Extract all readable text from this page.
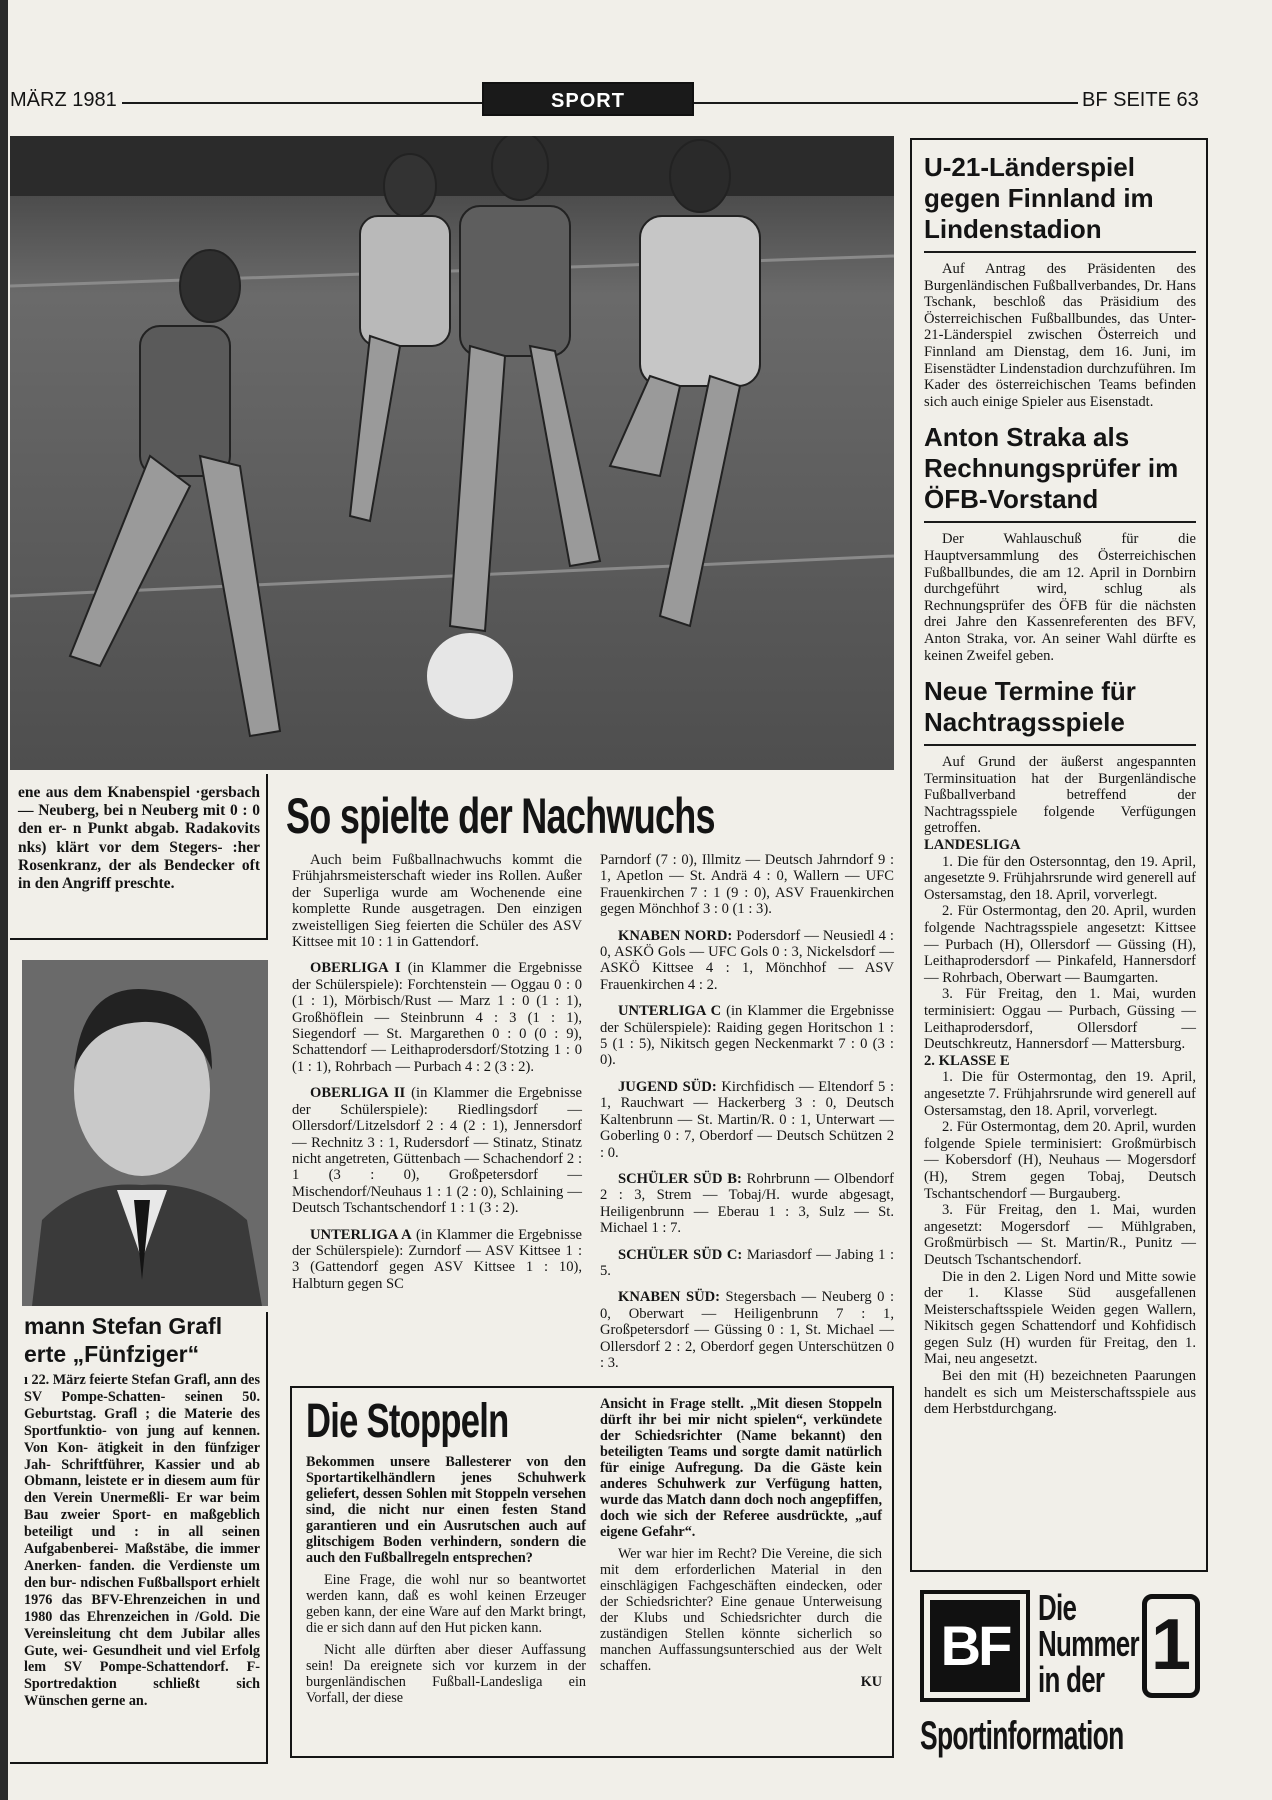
MÄRZ 1981	SPORT	BF SEITE 63

ene aus dem Knabenspiel ·gersbach — Neuberg, bei n Neuberg mit 0 : 0 den er- n Punkt abgab. Radakovits nks) klärt vor dem Stegers- :her Rosenkranz, der als Bendecker oft in den Angriff preschte.

mann Stefan Grafl
erte „Fünfziger“

ı 22. März feierte Stefan Grafl, ann des SV Pompe-Schatten- seinen 50. Geburtstag. Grafl ; die Materie des Sportfunktio- von jung auf kennen. Von Kon- ätigkeit in den fünfziger Jah- Schriftführer, Kassier und ab Obmann, leistete er in diesem aum für den Verein Unermeßli- Er war beim Bau zweier Sport- en maßgeblich beteiligt und : in all seinen Aufgabenberei- Maßstäbe, die immer Anerken- fanden. die Verdienste um den bur- ndischen Fußballsport erhielt 1976 das BFV-Ehrenzeichen in und 1980 das Ehrenzeichen in /Gold. Die Vereinsleitung cht dem Jubilar alles Gute, wei- Gesundheit und viel Erfolg lem SV Pompe-Schattendorf. F-Sportredaktion schließt sich Wünschen gerne an.

So spielte der Nachwuchs

Auch beim Fußballnachwuchs kommt die Frühjahrsmeisterschaft wieder ins Rollen. Außer der Superliga wurde am Wochenende eine komplette Runde ausgetragen. Den einzigen zweistelligen Sieg feierten die Schüler des ASV Kittsee mit 10 : 1 in Gattendorf.

OBERLIGA I (in Klammer die Ergebnisse der Schülerspiele): Forchtenstein — Oggau 0 : 0 (1 : 1), Mörbisch/Rust — Marz 1 : 0 (1 : 1), Großhöflein — Steinbrunn 4 : 3 (1 : 1), Siegendorf — St. Margarethen 0 : 0 (0 : 9), Schattendorf — Leithaprodersdorf/Stotzing 1 : 0 (1 : 1), Rohrbach — Purbach 4 : 2 (3 : 2).

OBERLIGA II (in Klammer die Ergebnisse der Schülerspiele): Riedlingsdorf — Ollersdorf/Litzelsdorf 2 : 4 (2 : 1), Jennersdorf — Rechnitz 3 : 1, Rudersdorf — Stinatz, Stinatz nicht angetreten, Güttenbach — Schachendorf 2 : 1 (3 : 0), Großpetersdorf — Mischendorf/Neuhaus 1 : 1 (2 : 0), Schlaining — Deutsch Tschantschendorf 1 : 1 (3 : 2).

UNTERLIGA A (in Klammer die Ergebnisse der Schülerspiele): Zurndorf — ASV Kittsee 1 : 3 (Gattendorf gegen ASV Kittsee 1 : 10), Halbturn gegen SC

Parndorf (7 : 0), Illmitz — Deutsch Jahrndorf 9 : 1, Apetlon — St. Andrä 4 : 0, Wallern — UFC Frauenkirchen 7 : 1 (9 : 0), ASV Frauenkirchen gegen Mönchhof 3 : 0 (1 : 3).

KNABEN NORD: Podersdorf — Neusiedl 4 : 0, ASKÖ Gols — UFC Gols 0 : 3, Nickelsdorf — ASKÖ Kittsee 4 : 1, Mönchhof — ASV Frauenkirchen 4 : 2.

UNTERLIGA C (in Klammer die Ergebnisse der Schülerspiele): Raiding gegen Horitschon 1 : 5 (1 : 5), Nikitsch gegen Neckenmarkt 7 : 0 (3 : 0).

JUGEND SÜD: Kirchfidisch — Eltendorf 5 : 1, Rauchwart — Hackerberg 3 : 0, Deutsch Kaltenbrunn — St. Martin/R. 0 : 1, Unterwart — Goberling 0 : 7, Oberdorf — Deutsch Schützen 2 : 0.

SCHÜLER SÜD B: Rohrbrunn — Olbendorf 2 : 3, Strem — Tobaj/H. wurde abgesagt, Heiligenbrunn — Eberau 1 : 3, Sulz — St. Michael 1 : 7.

SCHÜLER SÜD C: Mariasdorf — Jabing 1 : 5.

KNABEN SÜD: Stegersbach — Neuberg 0 : 0, Oberwart — Heiligenbrunn 7 : 1, Großpetersdorf — Güssing 0 : 1, St. Michael — Ollersdorf 2 : 2, Oberdorf gegen Unterschützen 0 : 3.

Die Stoppeln

Bekommen unsere Ballesterer von den Sportartikelhändlern jenes Schuhwerk geliefert, dessen Sohlen mit Stoppeln versehen sind, die nicht nur einen festen Stand garantieren und ein Ausrutschen auch auf glitschigem Boden verhindern, sondern die auch den Fußballregeln entsprechen?

Eine Frage, die wohl nur so beantwortet werden kann, daß es wohl keinen Erzeuger geben kann, der eine Ware auf den Markt bringt, die er sich dann auf den Hut picken kann.

Nicht alle dürften aber dieser Auffassung sein! Da ereignete sich vor kurzem in der burgenländischen Fußball-Landesliga ein Vorfall, der diese

Ansicht in Frage stellt. „Mit diesen Stoppeln dürft ihr bei mir nicht spielen“, verkündete der Schiedsrichter (Name bekannt) den beteiligten Teams und sorgte damit natürlich für einige Aufregung. Da die Gäste kein anderes Schuhwerk zur Verfügung hatten, wurde das Match dann doch noch angepfiffen, doch wie sich der Referee ausdrückte, „auf eigene Gefahr“.

Wer war hier im Recht? Die Vereine, die sich mit dem erforderlichen Material in den einschlägigen Fachgeschäften eindecken, oder der Schiedsrichter? Eine genaue Unterweisung der Klubs und Schiedsrichter durch die zuständigen Stellen könnte sicherlich so manchen Auffassungsunterschied aus der Welt schaffen.

KU
U-21-Länderspiel gegen Finnland im Lindenstadion

Auf Antrag des Präsidenten des Burgenländischen Fußballverbandes, Dr. Hans Tschank, beschloß das Präsidium des Österreichischen Fußballbundes, das Unter-21-Länderspiel zwischen Österreich und Finnland am Dienstag, dem 16. Juni, im Eisenstädter Lindenstadion durchzuführen. Im Kader des österreichischen Teams befinden sich auch einige Spieler aus Eisenstadt.

Anton Straka als Rechnungsprüfer im ÖFB-Vorstand

Der Wahlauschuß für die Hauptversammlung des Österreichischen Fußballbundes, die am 12. April in Dornbirn durchgeführt wird, schlug als Rechnungsprüfer des ÖFB für die nächsten drei Jahre den Kassenreferenten des BFV, Anton Straka, vor. An seiner Wahl dürfte es keinen Zweifel geben.

Neue Termine für Nachtragsspiele

Auf Grund der äußerst angespannten Terminsituation hat der Burgenländische Fußballverband betreffend der Nachtragsspiele folgende Verfügungen getroffen.

LANDESLIGA

1. Die für den Ostersonntag, den 19. April, angesetzte 9. Frühjahrsrunde wird generell auf Ostersamstag, den 18. April, vorverlegt.

2. Für Ostermontag, den 20. April, wurden folgende Nachtragsspiele angesetzt: Kittsee — Purbach (H), Ollersdorf — Güssing (H), Leithaprodersdorf — Pinkafeld, Hannersdorf — Rohrbach, Oberwart — Baumgarten.

3. Für Freitag, den 1. Mai, wurden terminisiert: Oggau — Purbach, Güssing — Leithaprodersdorf, Ollersdorf — Deutschkreutz, Hannersdorf — Mattersburg.

2. KLASSE E

1. Die für Ostermontag, den 19. April, angesetzte 7. Frühjahrsrunde wird generell auf Ostersamstag, den 18. April, vorverlegt.

2. Für Ostermontag, dem 20. April, wurden folgende Spiele terminisiert: Großmürbisch — Kobersdorf (H), Neuhaus — Mogersdorf (H), Strem gegen Tobaj, Deutsch Tschantschendorf — Burgauberg.

3. Für Freitag, den 1. Mai, wurden angesetzt: Mogersdorf — Mühlgraben, Großmürbisch — St. Martin/R., Punitz — Deutsch Tschantschendorf.

Die in den 2. Ligen Nord und Mitte sowie der 1. Klasse Süd ausgefallenen Meisterschaftsspiele Weiden gegen Wallern, Nikitsch gegen Schattendorf und Kohfidisch gegen Sulz (H) wurden für Freitag, den 1. Mai, neu angesetzt.

Bei den mit (H) bezeichneten Paarungen handelt es sich um Meisterschaftsspiele aus dem Herbstdurchgang.

BF
Die
Nummer
in der 1
Sportinformation
